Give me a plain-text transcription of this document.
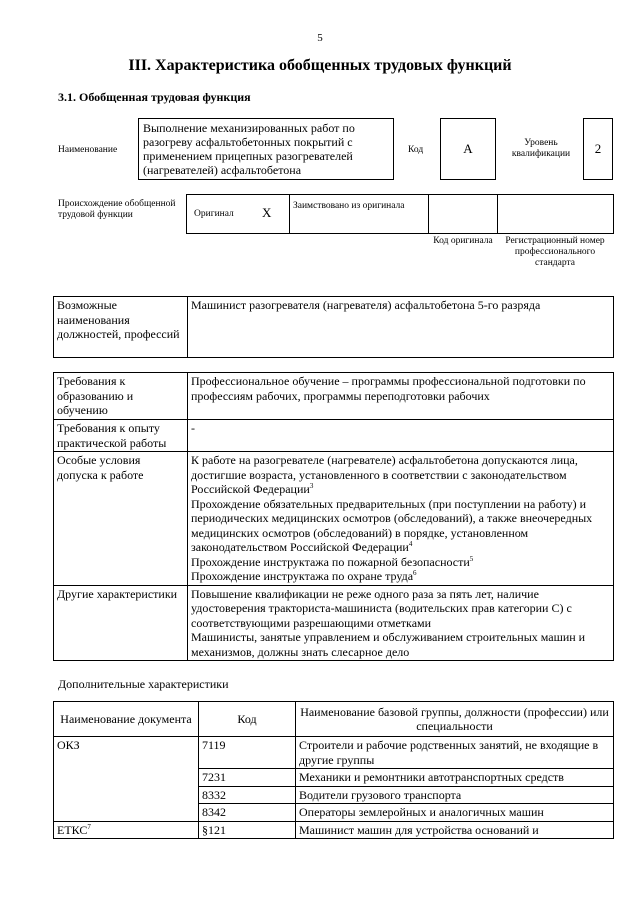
5
III. Характеристика обобщенных трудовых функций
3.1. Обобщенная трудовая функция
Наименование
Выполнение механизированных работ по разогреву асфальтобетонных покрытий с применением прицепных разогревателей (нагревателей) асфальтобетона
Код	А	Уровень квалификации	2
Происхождение обобщенной трудовой функции	Оригинал Х Заимствовано из оригинала
Код оригинала	Регистрационный номер профессионального стандарта
Возможные наименования должностей, профессий	Машинист разогревателя (нагревателя) асфальтобетона 5-го разряда
Требования к образованию и обучению	Профессиональное обучение – программы профессиональной подготовки по профессиям рабочих, программы переподготовки рабочих
Требования к опыту практической работы	-
Особые условия допуска к работе	К работе на разогревателе (нагревателе) асфальтобетона допускаются лица, достигшие возраста, установленного в соответствии с законодательством Российской Федерации$^3$
Прохождение обязательных предварительных (при поступлении на работу) и периодических медицинских осмотров (обследований), а также внеочередных медицинских осмотров (обследований) в порядке, установленном законодательством Российской Федерации$^4$
Прохождение инструктажа по пожарной безопасности$^5$
Прохождение инструктажа по охране труда$^6$

Другие характеристики	Повышение квалификации не реже одного раза за пять лет, наличие удостоверения тракториста-машиниста (водительских прав категории С) с соответствующими разрешающими отметками
Машинисты, занятые управлением и обслуживанием строительных машин и механизмов, должны знать слесарное дело
Дополнительные характеристики
Наименование документа	Код	Наименование базовой группы, должности (профессии) или специальности
ОКЗ	7119	Строители и рабочие родственных занятий, не входящие в другие группы
	7231	Механики и ремонтники автотранспортных средств
	8332	Водители грузового транспорта
	8342	Операторы землеройных и аналогичных машин
ЕТКС$^7$	§121	Машинист машин для устройства оснований и
